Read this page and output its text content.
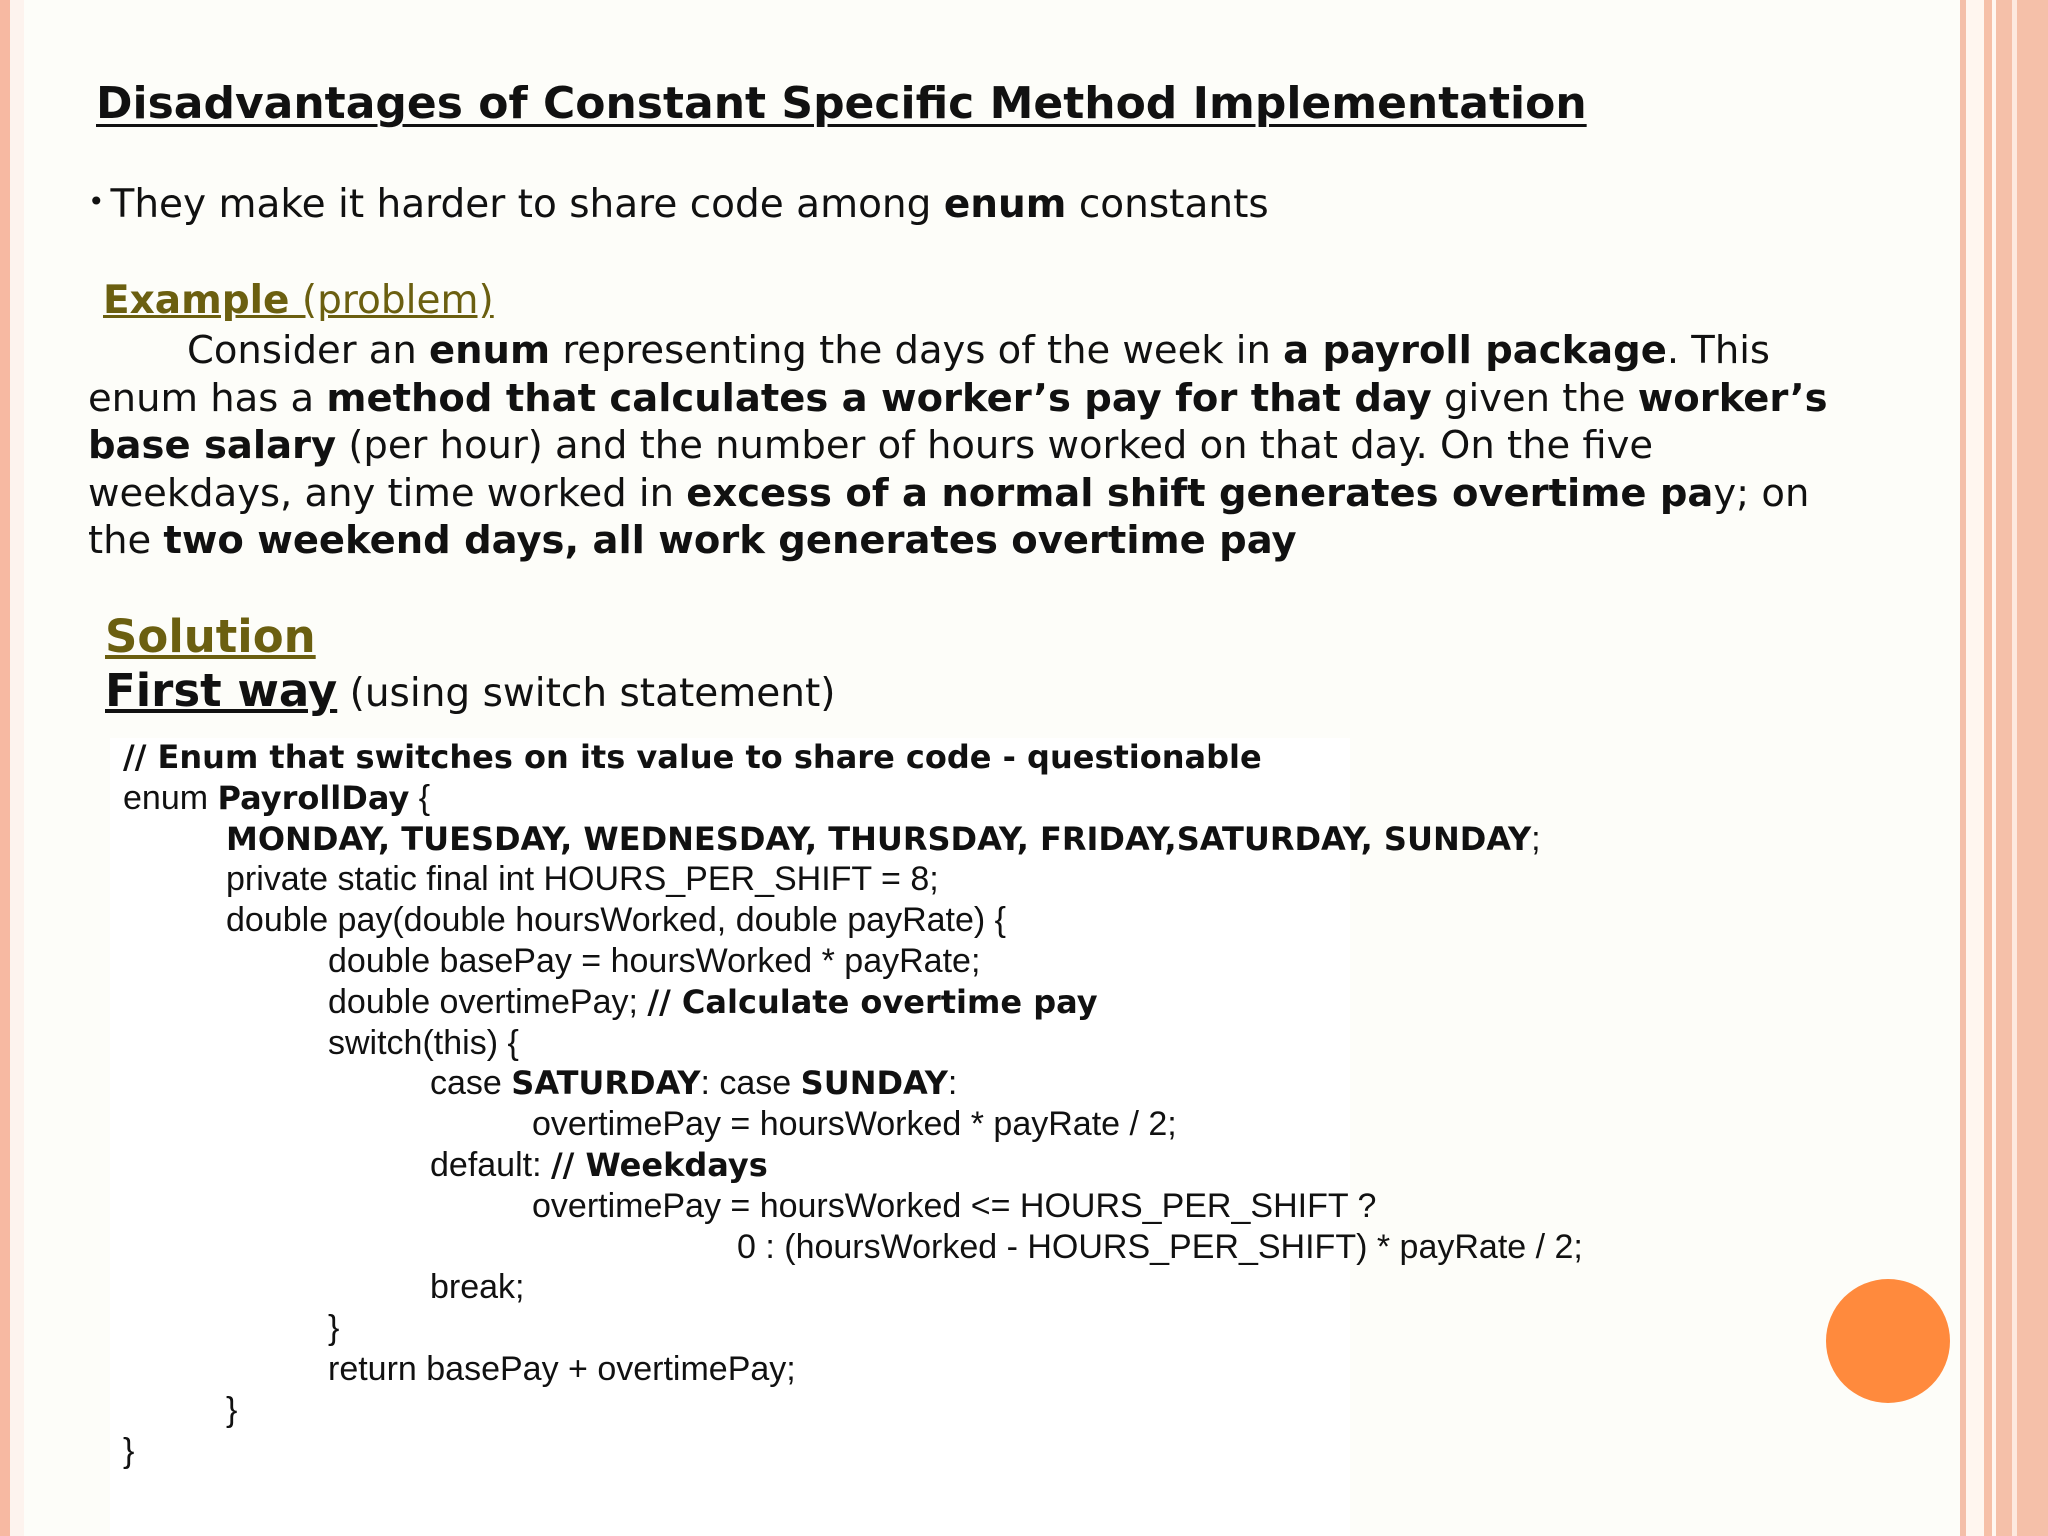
Disadvantages of Constant Specific Method Implementation
• They make it harder to share code among enum constants
Example (problem)
Consider an enum representing the days of the week in a payroll package. This
enum has a method that calculates a worker’s pay for that day given the worker’s
base salary (per hour) and the number of hours worked on that day. On the five
weekdays, any time worked in excess of a normal shift generates overtime pay; on
the two weekend days, all work generates overtime pay
Solution
First way (using switch statement)
// Enum that switches on its value to share code - questionable
enum PayrollDay {
MONDAY, TUESDAY, WEDNESDAY, THURSDAY, FRIDAY,SATURDAY, SUNDAY;
private static final int HOURS_PER_SHIFT = 8;
double pay(double hoursWorked, double payRate) {
double basePay = hoursWorked * payRate;
double overtimePay; // Calculate overtime pay
switch(this) {
case SATURDAY: case SUNDAY:
overtimePay = hoursWorked * payRate / 2;
default: // Weekdays
overtimePay = hoursWorked <= HOURS_PER_SHIFT ?
0 : (hoursWorked - HOURS_PER_SHIFT) * payRate / 2;
break;
}
return basePay + overtimePay;
}
}
